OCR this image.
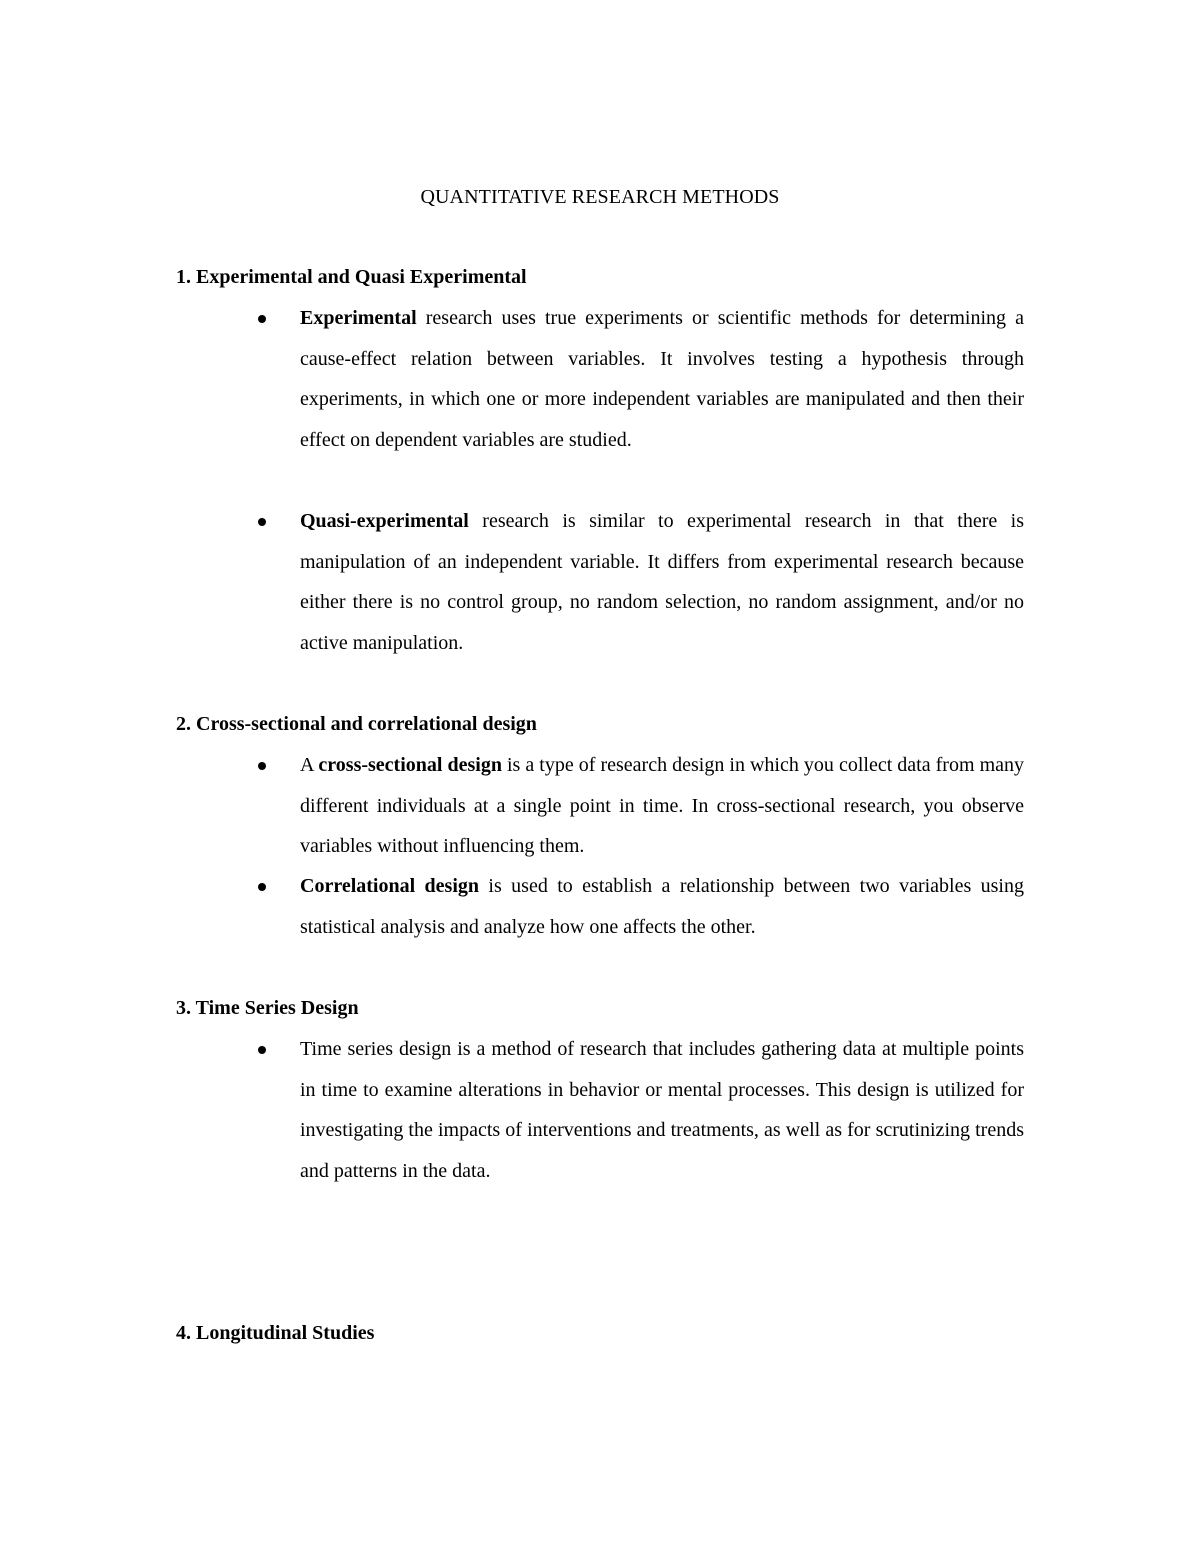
QUANTITATIVE RESEARCH METHODS
1. Experimental and Quasi Experimental
Experimental research uses true experiments or scientific methods for determining a cause-effect relation between variables. It involves testing a hypothesis through experiments, in which one or more independent variables are manipulated and then their effect on dependent variables are studied.
Quasi-experimental research is similar to experimental research in that there is manipulation of an independent variable. It differs from experimental research because either there is no control group, no random selection, no random assignment, and/or no active manipulation.
2. Cross-sectional and correlational design
A cross-sectional design is a type of research design in which you collect data from many different individuals at a single point in time. In cross-sectional research, you observe variables without influencing them.
Correlational design is used to establish a relationship between two variables using statistical analysis and analyze how one affects the other.
3. Time Series Design
Time series design is a method of research that includes gathering data at multiple points in time to examine alterations in behavior or mental processes. This design is utilized for investigating the impacts of interventions and treatments, as well as for scrutinizing trends and patterns in the data.
4. Longitudinal Studies
